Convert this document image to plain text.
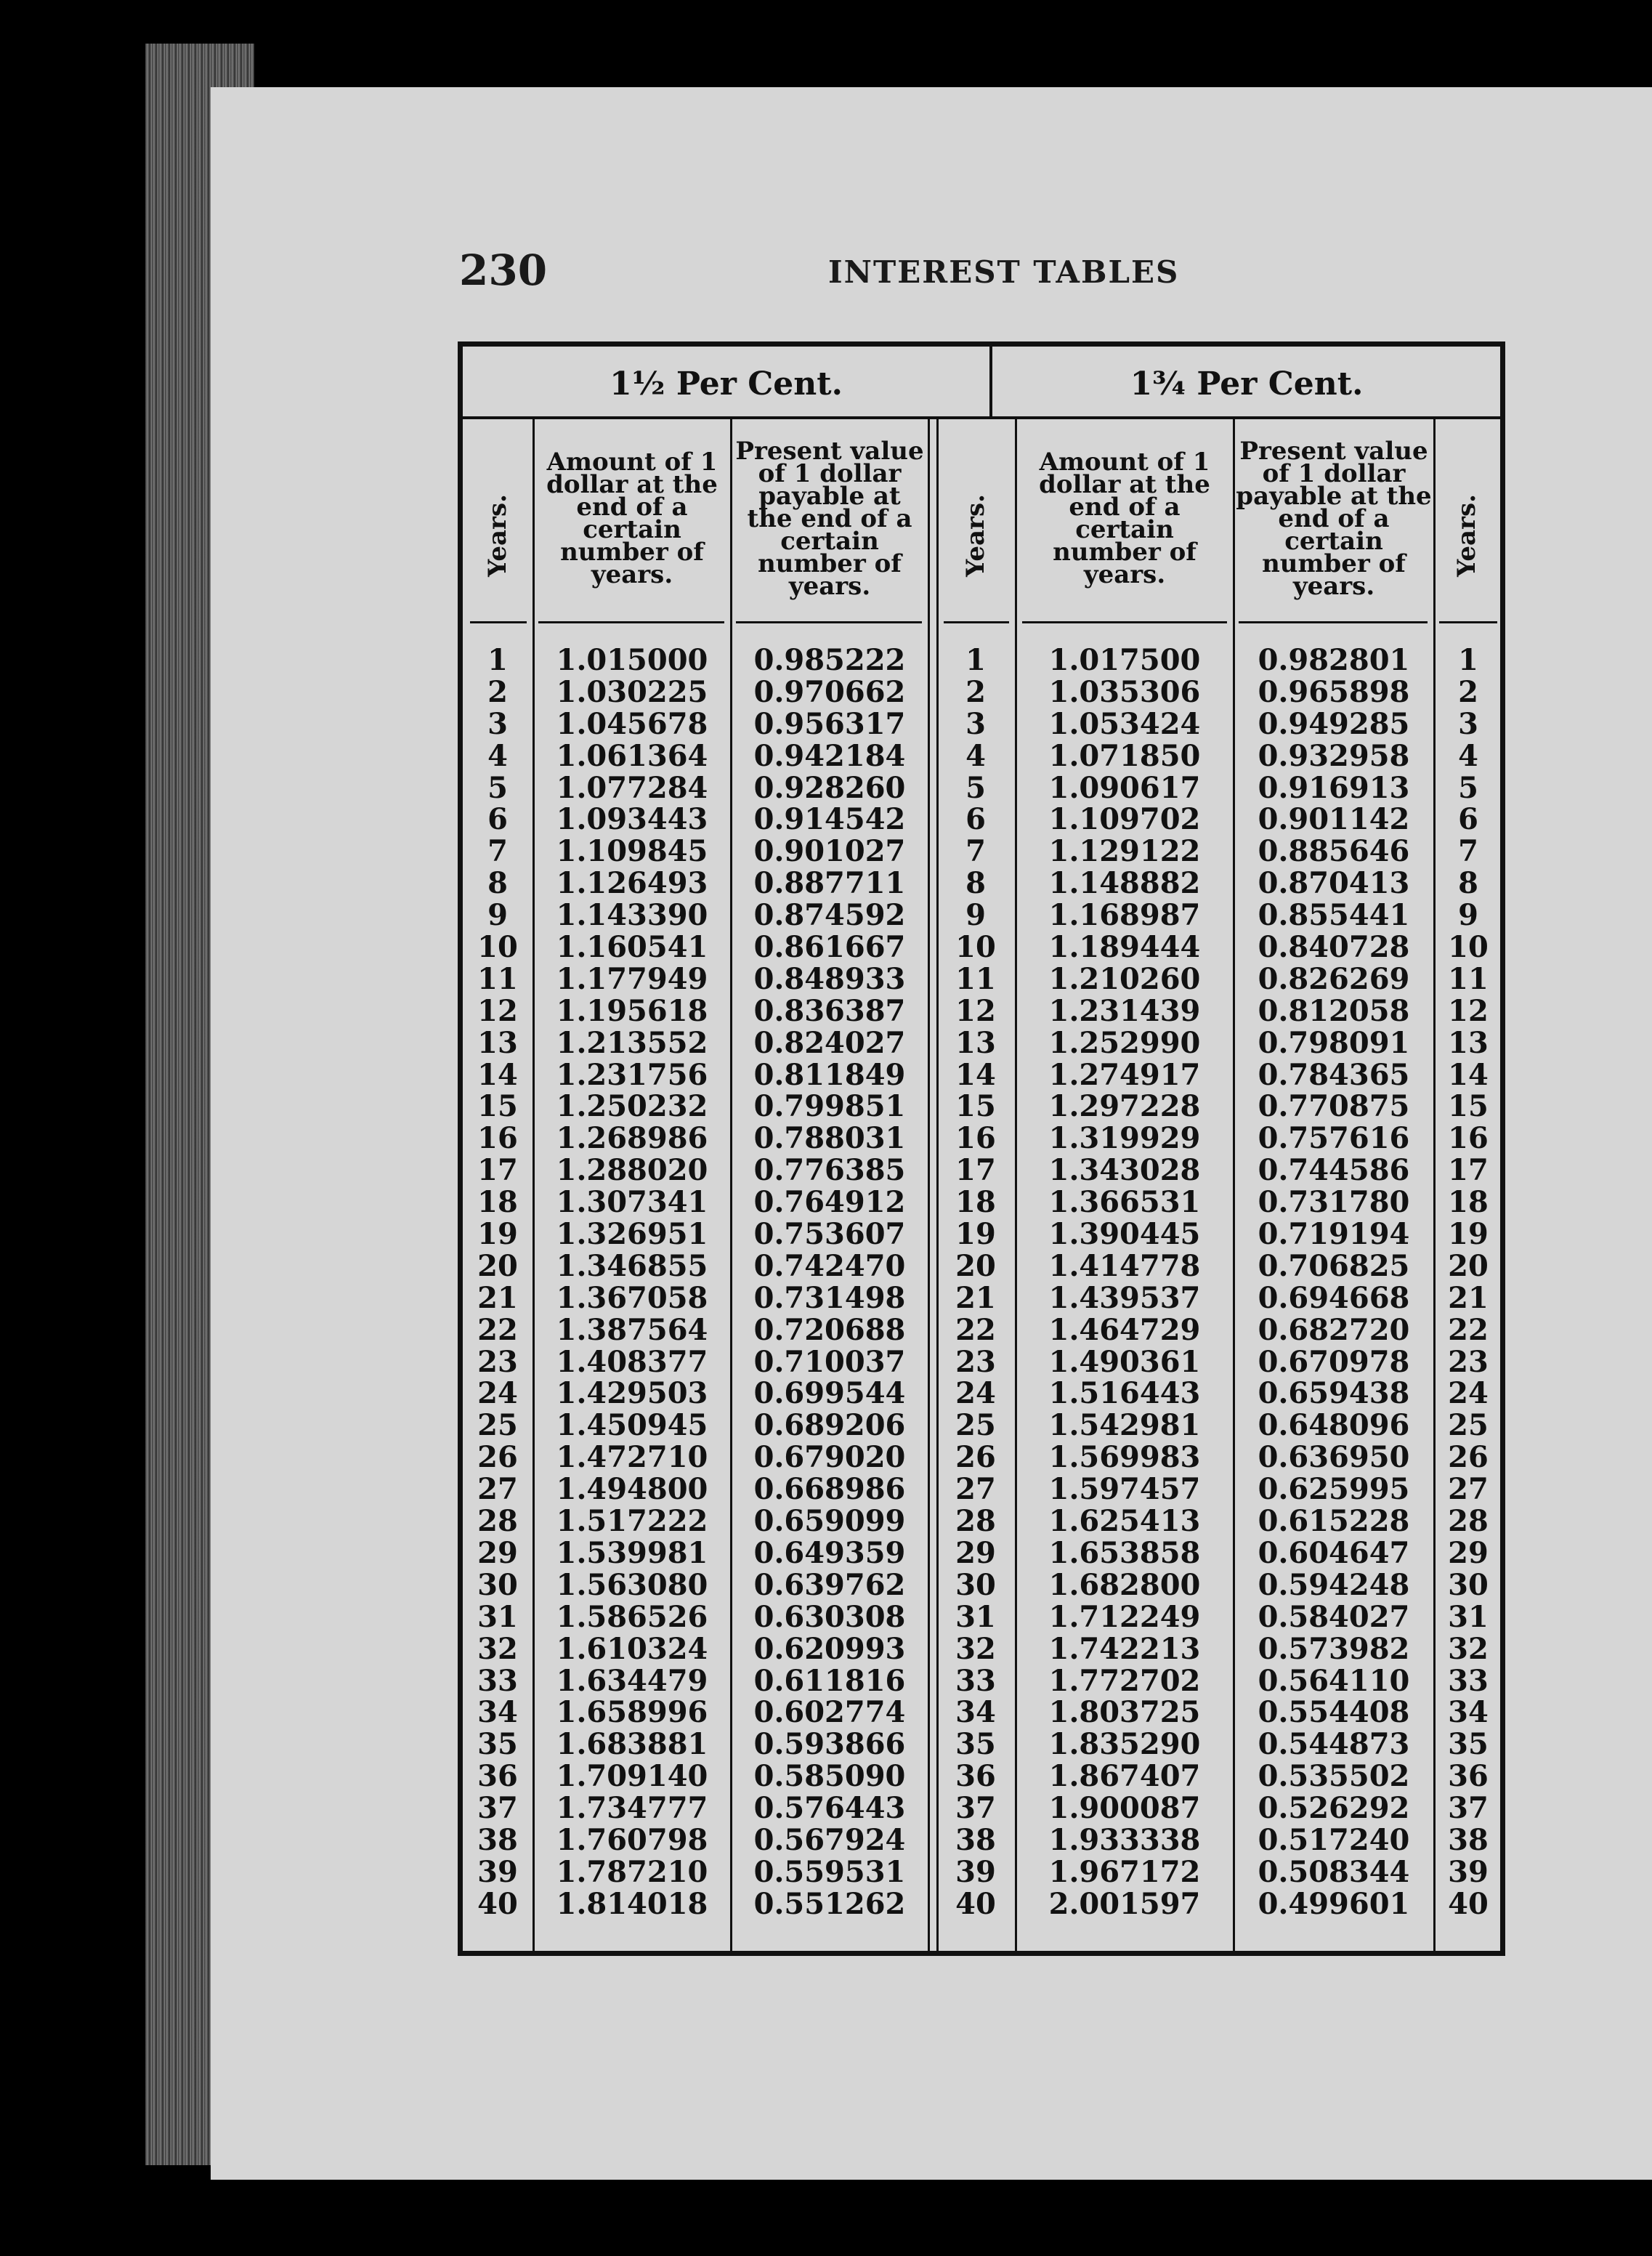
230	INTEREST TABLES
1½ Per Cent.	1¾ Per Cent.
Years.
Amount of 1 dollar at the end of a certain number of years.
Present value of 1 dollar payable at the end of a certain number of years.
Years.
Amount of 1 dollar at the end of a certain number of years.
Present value of 1 dollar payable at the end of a certain number of years.
Years.
1
2
3
4
5
6
7
8
9
10
11
12
13
14
15
16
17
18
19
20
21
22
23
24
25
26
27
28
29
30
31
32
33
34
35
36
37
38
39
40
1.015000
1.030225
1.045678
1.061364
1.077284
1.093443
1.109845
1.126493
1.143390
1.160541
1.177949
1.195618
1.213552
1.231756
1.250232
1.268986
1.288020
1.307341
1.326951
1.346855
1.367058
1.387564
1.408377
1.429503
1.450945
1.472710
1.494800
1.517222
1.539981
1.563080
1.586526
1.610324
1.634479
1.658996
1.683881
1.709140
1.734777
1.760798
1.787210
1.814018
0.985222
0.970662
0.956317
0.942184
0.928260
0.914542
0.901027
0.887711
0.874592
0.861667
0.848933
0.836387
0.824027
0.811849
0.799851
0.788031
0.776385
0.764912
0.753607
0.742470
0.731498
0.720688
0.710037
0.699544
0.689206
0.679020
0.668986
0.659099
0.649359
0.639762
0.630308
0.620993
0.611816
0.602774
0.593866
0.585090
0.576443
0.567924
0.559531
0.551262
1
2
3
4
5
6
7
8
9
10
11
12
13
14
15
16
17
18
19
20
21
22
23
24
25
26
27
28
29
30
31
32
33
34
35
36
37
38
39
40
1.017500
1.035306
1.053424
1.071850
1.090617
1.109702
1.129122
1.148882
1.168987
1.189444
1.210260
1.231439
1.252990
1.274917
1.297228
1.319929
1.343028
1.366531
1.390445
1.414778
1.439537
1.464729
1.490361
1.516443
1.542981
1.569983
1.597457
1.625413
1.653858
1.682800
1.712249
1.742213
1.772702
1.803725
1.835290
1.867407
1.900087
1.933338
1.967172
2.001597
0.982801
0.965898
0.949285
0.932958
0.916913
0.901142
0.885646
0.870413
0.855441
0.840728
0.826269
0.812058
0.798091
0.784365
0.770875
0.757616
0.744586
0.731780
0.719194
0.706825
0.694668
0.682720
0.670978
0.659438
0.648096
0.636950
0.625995
0.615228
0.604647
0.594248
0.584027
0.573982
0.564110
0.554408
0.544873
0.535502
0.526292
0.517240
0.508344
0.499601
1
2
3
4
5
6
7
8
9
10
11
12
13
14
15
16
17
18
19
20
21
22
23
24
25
26
27
28
29
30
31
32
33
34
35
36
37
38
39
40
